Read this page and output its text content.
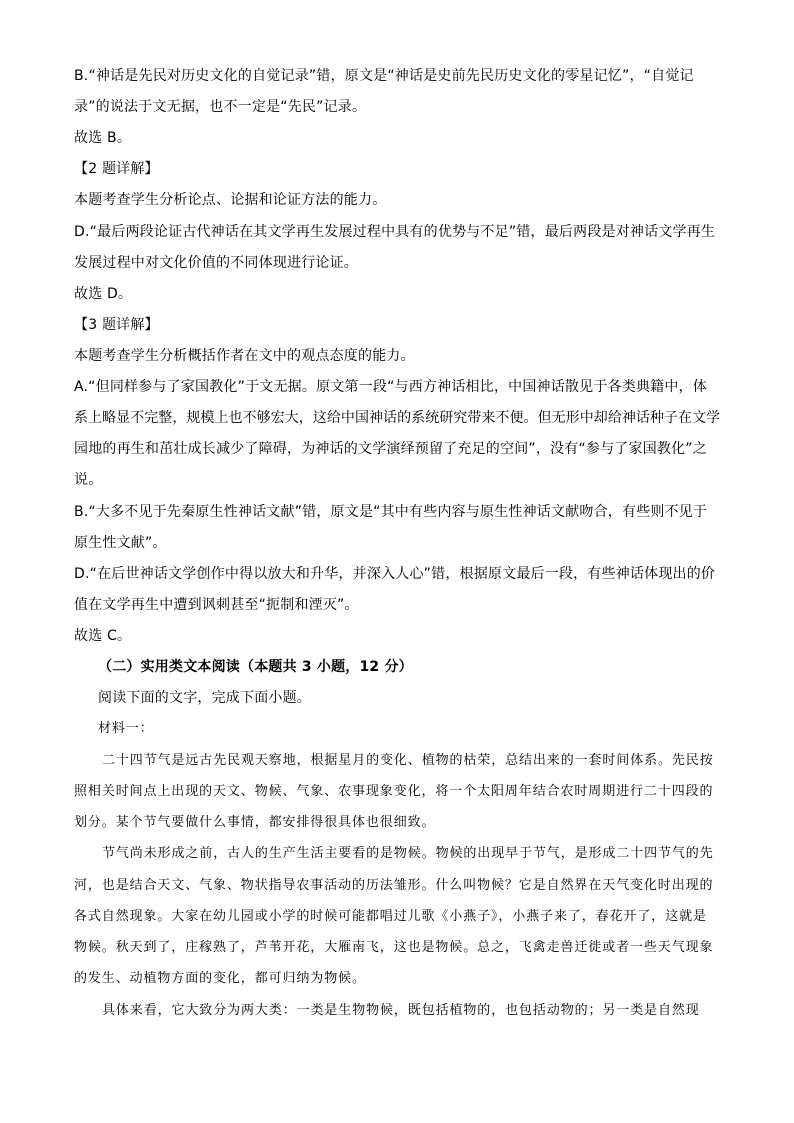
B.“神话是先民对历史文化的自觉记录”错，原文是“神话是史前先民历史文化的零星记忆”，“自觉记
录”的说法于文无据，也不一定是“先民”记录。
故选 B。
【2 题详解】
本题考查学生分析论点、论据和论证方法的能力。
D.“最后两段论证古代神话在其文学再生发展过程中具有的优势与不足”错，最后两段是对神话文学再生
发展过程中对文化价值的不同体现进行论证。
故选 D。
【3 题详解】
本题考查学生分析概括作者在文中的观点态度的能力。
A.“但同样参与了家国教化”于文无据。原文第一段“与西方神话相比，中国神话散见于各类典籍中，体
系上略显不完整，规模上也不够宏大，这给中国神话的系统研究带来不便。但无形中却给神话种子在文学
园地的再生和茁壮成长减少了障碍，为神话的文学演绎预留了充足的空间”，没有“参与了家国教化”之
说。
B.“大多不见于先秦原生性神话文献”错，原文是“其中有些内容与原生性神话文献吻合，有些则不见于
原生性文献”。
D.“在后世神话文学创作中得以放大和升华，并深入人心”错，根据原文最后一段，有些神话体现出的价
值在文学再生中遭到讽刺甚至“扼制和湮灭”。
故选 C。
（二）实用类文本阅读（本题共 3 小题，12 分）
阅读下面的文字，完成下面小题。
材料一：
二十四节气是远古先民观天察地，根据星月的变化、植物的枯荣，总结出来的一套时间体系。先民按
照相关时间点上出现的天文、物候、气象、农事现象变化，将一个太阳周年结合农时周期进行二十四段的
划分。某个节气要做什么事情，都安排得很具体也很细致。
节气尚未形成之前，古人的生产生活主要看的是物候。物候的出现早于节气，是形成二十四节气的先
河，也是结合天文、气象、物状指导农事活动的历法雏形。什么叫物候？它是自然界在天气变化时出现的
各式自然现象。大家在幼儿园或小学的时候可能都唱过儿歌《小燕子》，小燕子来了，春花开了，这就是
物候。秋天到了，庄稼熟了，芦苇开花，大雁南飞，这也是物候。总之，飞禽走兽迁徙或者一些天气现象
的发生、动植物方面的变化，都可归纳为物候。
具体来看，它大致分为两大类：一类是生物物候，既包括植物的，也包括动物的；另一类是自然现
